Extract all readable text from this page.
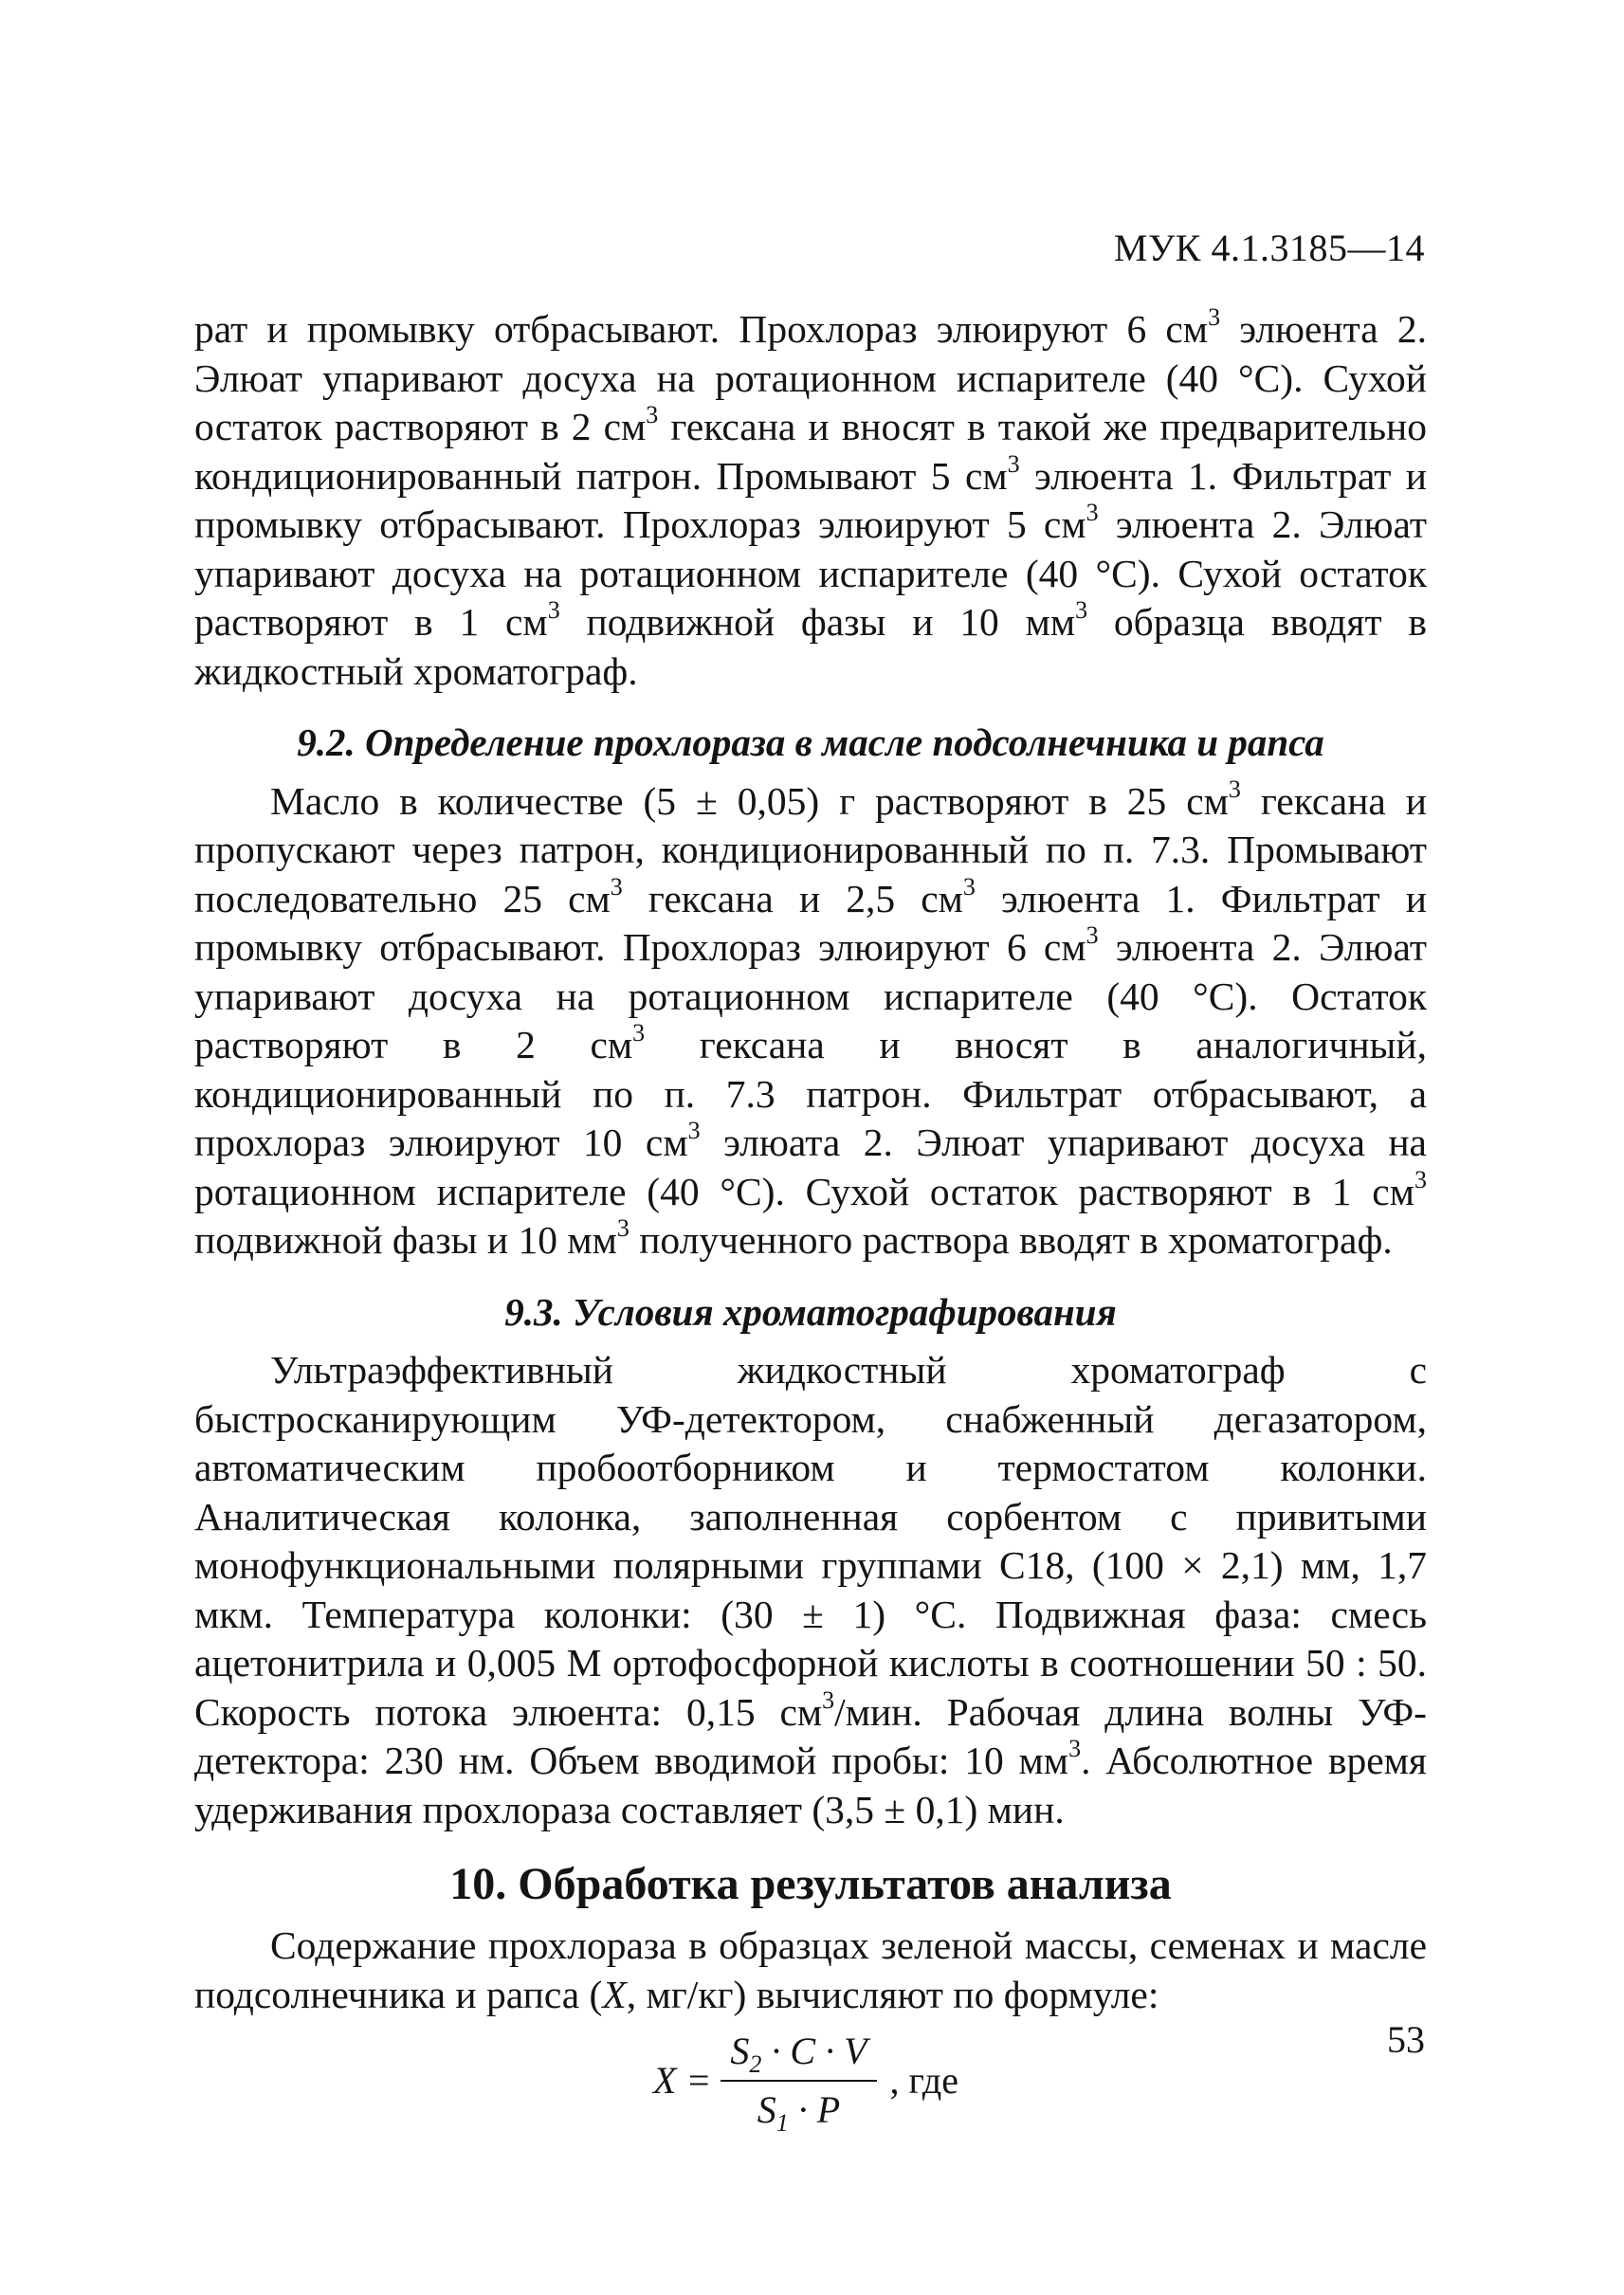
МУК 4.1.3185—14

рат и промывку отбрасывают. Прохлораз элюируют 6 $см^3$ элюента 2. Элюат упаривают досуха на ротационном испарителе (40 °С). Сухой остаток растворяют в 2 $см^3$ гексана и вносят в такой же предварительно кондиционированный патрон. Промывают 5 $см^3$ элюента 1. Фильтрат и промывку отбрасывают. Прохлораз элюируют 5 $см^3$ элюента 2. Элюат упаривают досуха на ротационном испарителе (40 °С). Сухой остаток растворяют в 1 $см^3$ подвижной фазы и 10 $мм^3$ образца вводят в жидкостный хроматограф.

9.2. Определение прохлораза в масле подсолнечника и рапса

Масло в количестве (5 ± 0,05) г растворяют в 25 $см^3$ гексана и пропускают через патрон, кондиционированный по п. 7.3. Промывают последовательно 25 $см^3$ гексана и 2,5 $см^3$ элюента 1. Фильтрат и промывку отбрасывают. Прохлораз элюируют 6 $см^3$ элюента 2. Элюат упаривают досуха на ротационном испарителе (40 °С). Остаток растворяют в 2 $см^3$ гексана и вносят в аналогичный, кондиционированный по п. 7.3 патрон. Фильтрат отбрасывают, а прохлораз элюируют 10 $см^3$ элюата 2. Элюат упаривают досуха на ротационном испарителе (40 °С). Сухой остаток растворяют в 1 $см^3$ подвижной фазы и 10 $мм^3$ полученного раствора вводят в хроматограф.

9.3. Условия хроматографирования

Ультраэффективный жидкостный хроматограф с быстросканирующим УФ-детектором, снабженный дегазатором, автоматическим пробоотборником и термостатом колонки. Аналитическая колонка, заполненная сорбентом с привитыми монофункциональными полярными группами С18, (100 × 2,1) мм, 1,7 мкм. Температура колонки: (30 ± 1) °С. Подвижная фаза: смесь ацетонитрила и 0,005 М ортофосфорной кислоты в соотношении 50 : 50. Скорость потока элюента: 0,15 $см^3$/мин. Рабочая длина волны УФ-детектора: 230 нм. Объем вводимой пробы: 10 $мм^3$. Абсолютное время удерживания прохлораза составляет (3,5 ± 0,1) мин.

10. Обработка результатов анализа

Содержание прохлораза в образцах зеленой массы, семенах и масле подсолнечника и рапса (X, мг/кг) вычисляют по формуле:

$X = \frac{S_2 \cdot C \cdot V}{S_1 \cdot P}$ , где
53
